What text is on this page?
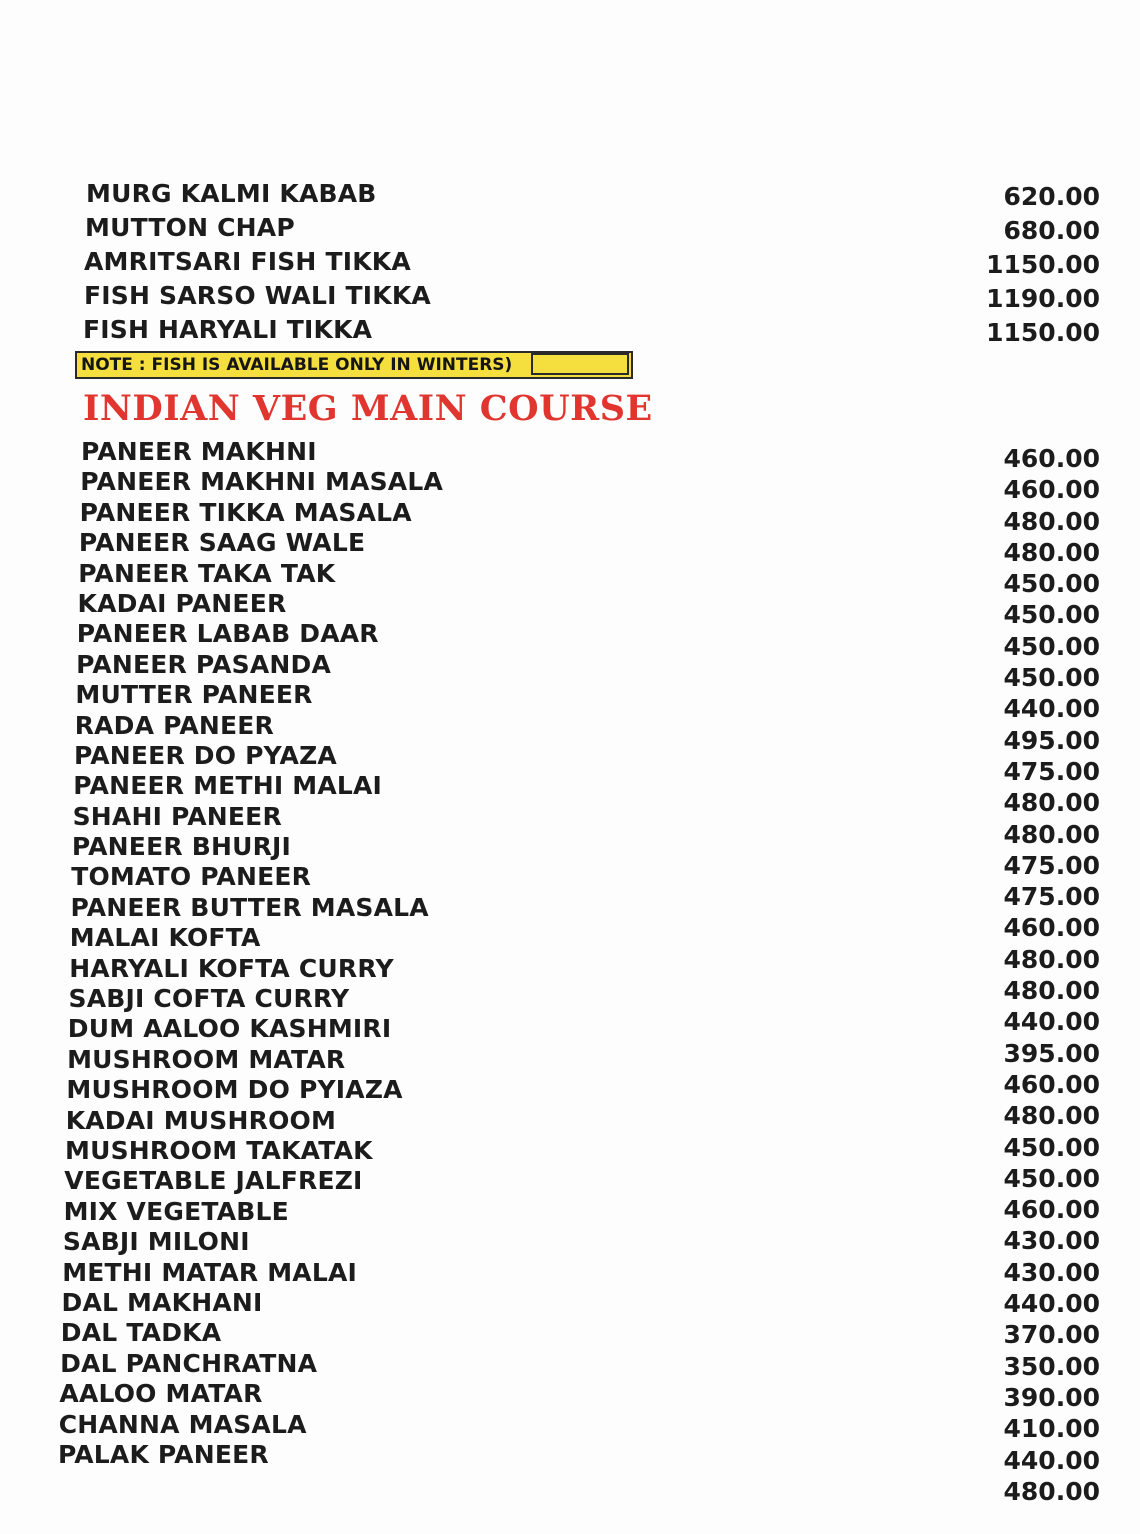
MURG KALMI KABAB
MUTTON CHAP
AMRITSARI FISH TIKKA
FISH SARSO WALI TIKKA
FISH HARYALI TIKKA
620.00
680.00
1150.00
1190.00
1150.00
NOTE : FISH IS AVAILABLE ONLY IN WINTERS)
INDIAN VEG MAIN COURSE
PANEER MAKHNI
PANEER MAKHNI MASALA
PANEER TIKKA MASALA
PANEER SAAG WALE
PANEER TAKA TAK
KADAI PANEER
PANEER LABAB DAAR
PANEER PASANDA
MUTTER PANEER
RADA PANEER
PANEER DO PYAZA
PANEER METHI MALAI
SHAHI PANEER
PANEER BHURJI
TOMATO PANEER
PANEER BUTTER MASALA
MALAI KOFTA
HARYALI KOFTA CURRY
SABJI COFTA CURRY
DUM AALOO KASHMIRI
MUSHROOM MATAR
MUSHROOM DO PYIAZA
KADAI MUSHROOM
MUSHROOM TAKATAK
VEGETABLE JALFREZI
MIX VEGETABLE
SABJI MILONI
METHI MATAR MALAI
DAL MAKHANI
DAL TADKA
DAL PANCHRATNA
AALOO MATAR
CHANNA MASALA
PALAK PANEER
460.00
460.00
480.00
480.00
450.00
450.00
450.00
450.00
440.00
495.00
475.00
480.00
480.00
475.00
475.00
460.00
480.00
480.00
440.00
395.00
460.00
480.00
450.00
450.00
460.00
430.00
430.00
440.00
370.00
350.00
390.00
410.00
440.00
480.00
